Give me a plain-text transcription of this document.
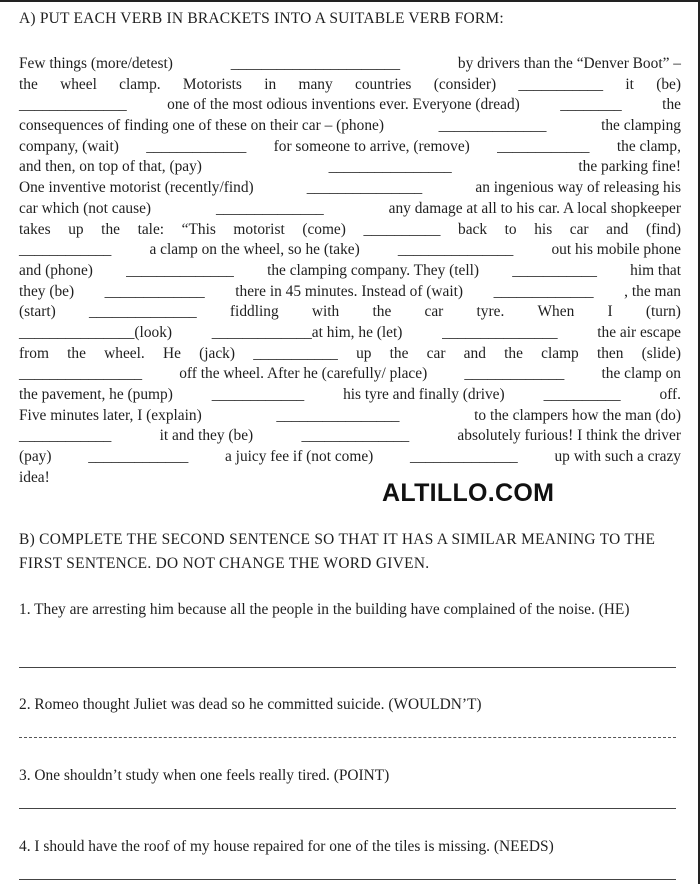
A) PUT EACH VERB IN BRACKETS INTO A SUITABLE VERB FORM:
Few things (more/detest)	______________________	by drivers than the “Denver Boot” –
the wheel clamp. Motorists in many countries (consider) ___________ it (be)
______________	one of the most odious inventions ever. Everyone (dread)	________	the
consequences of finding one of these on their car – (phone)	______________	the clamping
company, (wait) _____________ for someone to arrive, (remove) ____________ the clamp,
and then, on top of that, (pay)	________________	the parking fine!
One inventive motorist (recently/find)	_______________	an ingenious way of releasing his
car which (not cause)	______________	any damage at all to his car. A local shopkeeper
takes up the tale: “This motorist (come) __________ back to his car and (find)
____________ a clamp on the wheel, so he (take) _______________ out his mobile phone
and (phone) ______________ the clamping company. They (tell) ___________ him that
they (be) _____________ there in 45 minutes. Instead of (wait) _____________ , the man
(start) ______________ fiddling with the car tyre. When I (turn)
_______________(look)	_____________at him, he (let)	_______________	the air escape
from the wheel. He (jack) ___________ up the car and the clamp then (slide)
________________ off the wheel. After he (carefully/ place) _____________ the clamp on
the pavement, he (pump)	____________	his tyre and finally (drive)	__________	off.
Five minutes later, I (explain)	________________	to the clampers how the man (do)
____________	it and they (be)	______________	absolutely furious! I think the driver
(pay) _____________ a juicy fee if (not come) ______________ up with such a crazy
idea!
ALTILLO.COM
B) COMPLETE THE SECOND SENTENCE SO THAT IT HAS A SIMILAR MEANING TO THE FIRST SENTENCE. DO NOT CHANGE THE WORD GIVEN.
1. They are arresting him because all the people in the building have complained of the noise. (HE)
2. Romeo thought Juliet was dead so he committed suicide. (WOULDN’T)
3. One shouldn’t study when one feels really tired. (POINT)
4. I should have the roof of my house repaired for one of the tiles is missing. (NEEDS)
